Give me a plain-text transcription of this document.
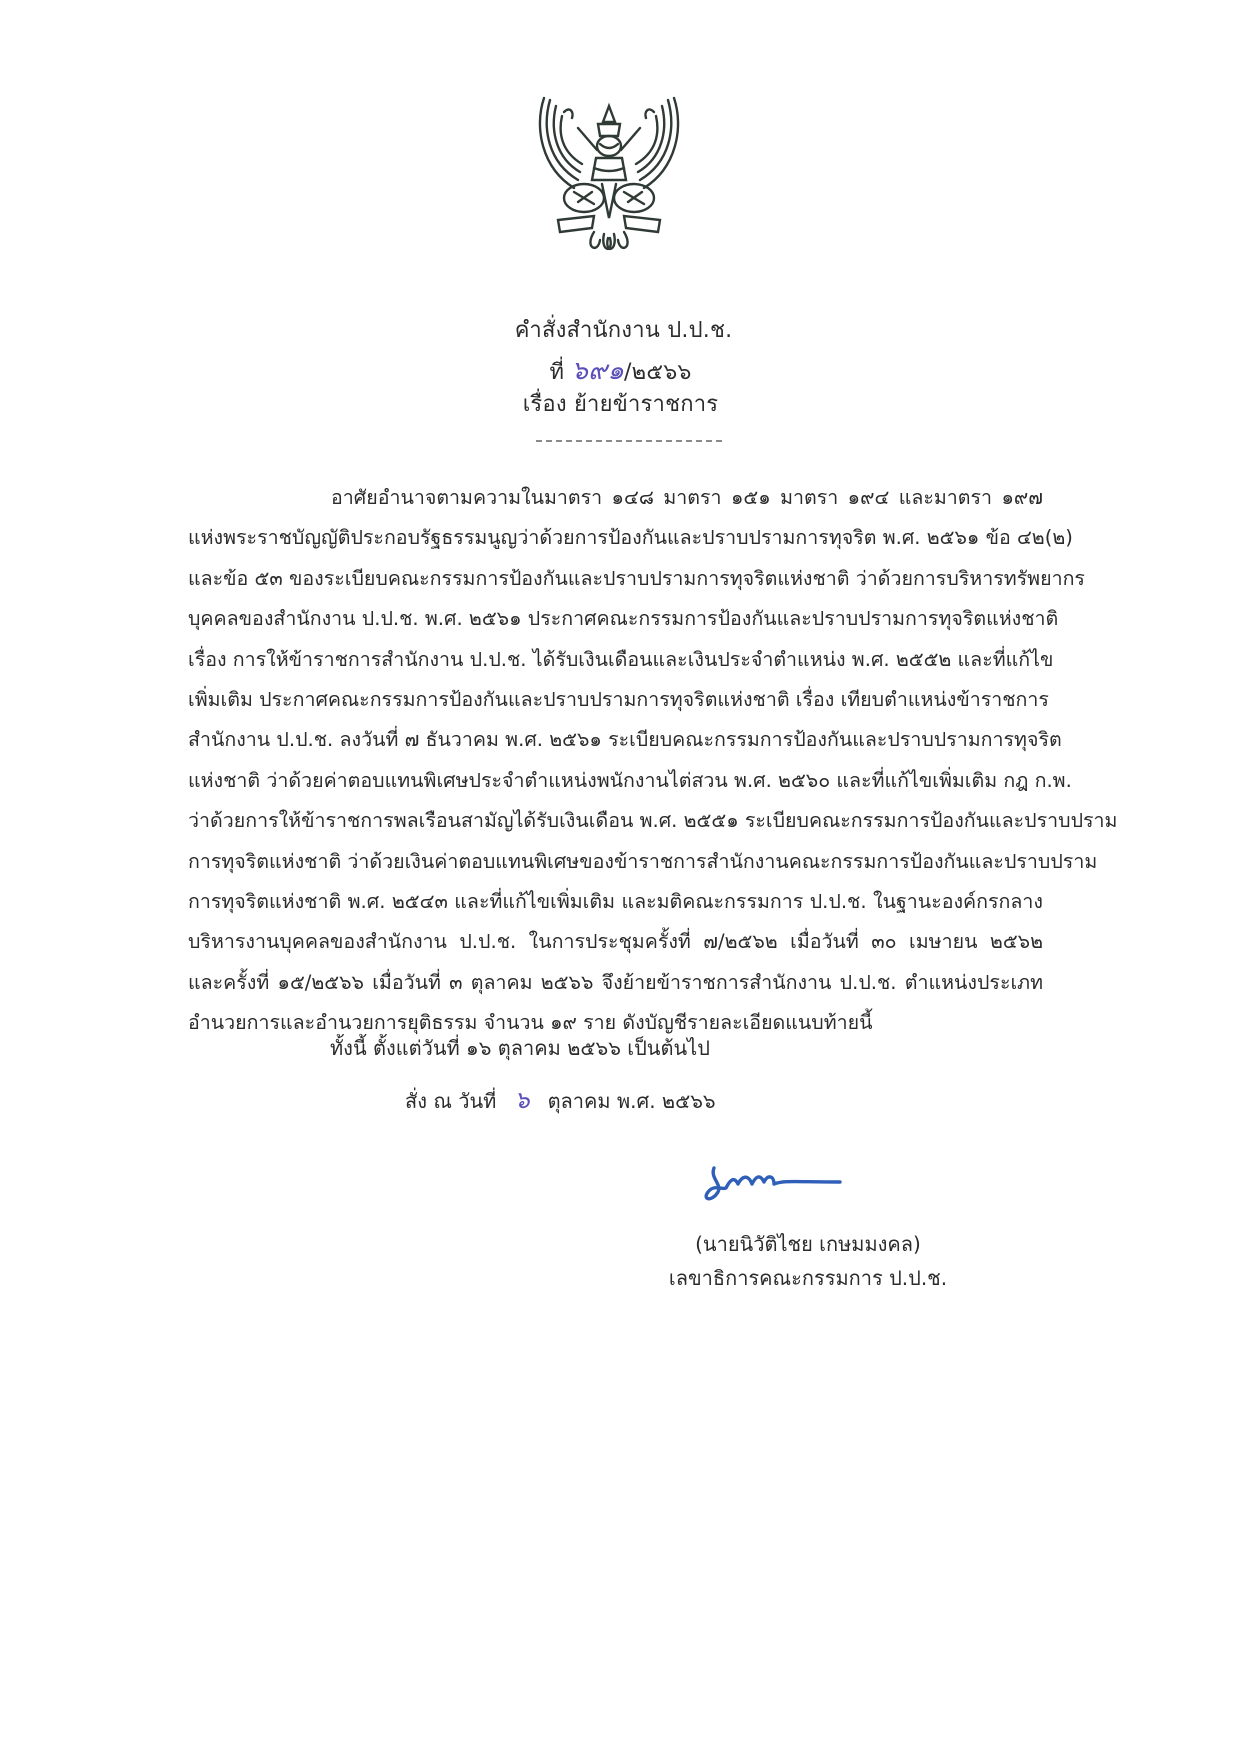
คำสั่งสำนักงาน ป.ป.ช.
ที่ ๖๙๑/๒๕๖๖
เรื่อง ย้ายข้าราชการ
อาศัยอำนาจตามความในมาตรา ๑๔๘ มาตรา ๑๕๑ มาตรา ๑๙๔ และมาตรา ๑๙๗
แห่งพระราชบัญญัติประกอบรัฐธรรมนูญว่าด้วยการป้องกันและปราบปรามการทุจริต พ.ศ. ๒๕๖๑ ข้อ ๔๒(๒)
และข้อ ๕๓ ของระเบียบคณะกรรมการป้องกันและปราบปรามการทุจริตแห่งชาติ ว่าด้วยการบริหารทรัพยากร
บุคคลของสำนักงาน ป.ป.ช. พ.ศ. ๒๕๖๑ ประกาศคณะกรรมการป้องกันและปราบปรามการทุจริตแห่งชาติ
เรื่อง การให้ข้าราชการสำนักงาน ป.ป.ช. ได้รับเงินเดือนและเงินประจำตำแหน่ง พ.ศ. ๒๕๕๒ และที่แก้ไข
เพิ่มเติม ประกาศคณะกรรมการป้องกันและปราบปรามการทุจริตแห่งชาติ เรื่อง เทียบตำแหน่งข้าราชการ
สำนักงาน ป.ป.ช. ลงวันที่ ๗ ธันวาคม พ.ศ. ๒๕๖๑ ระเบียบคณะกรรมการป้องกันและปราบปรามการทุจริต
แห่งชาติ ว่าด้วยค่าตอบแทนพิเศษประจำตำแหน่งพนักงานไต่สวน พ.ศ. ๒๕๖๐ และที่แก้ไขเพิ่มเติม กฎ ก.พ.
ว่าด้วยการให้ข้าราชการพลเรือนสามัญได้รับเงินเดือน พ.ศ. ๒๕๕๑ ระเบียบคณะกรรมการป้องกันและปราบปราม
การทุจริตแห่งชาติ ว่าด้วยเงินค่าตอบแทนพิเศษของข้าราชการสำนักงานคณะกรรมการป้องกันและปราบปราม
การทุจริตแห่งชาติ พ.ศ. ๒๕๔๓ และที่แก้ไขเพิ่มเติม และมติคณะกรรมการ ป.ป.ช. ในฐานะองค์กรกลาง
บริหารงานบุคคลของสำนักงาน ป.ป.ช. ในการประชุมครั้งที่ ๗/๒๕๖๒ เมื่อวันที่ ๓๐ เมษายน ๒๕๖๒
และครั้งที่ ๑๕/๒๕๖๖ เมื่อวันที่ ๓ ตุลาคม ๒๕๖๖ จึงย้ายข้าราชการสำนักงาน ป.ป.ช. ตำแหน่งประเภท
อำนวยการและอำนวยการยุติธรรม จำนวน ๑๙ ราย ดังบัญชีรายละเอียดแนบท้ายนี้
ทั้งนี้ ตั้งแต่วันที่ ๑๖ ตุลาคม ๒๕๖๖ เป็นต้นไป
สั่ง ณ วันที่ ๖ ตุลาคม พ.ศ. ๒๕๖๖
(นายนิวัติไชย เกษมมงคล)
เลขาธิการคณะกรรมการ ป.ป.ช.
